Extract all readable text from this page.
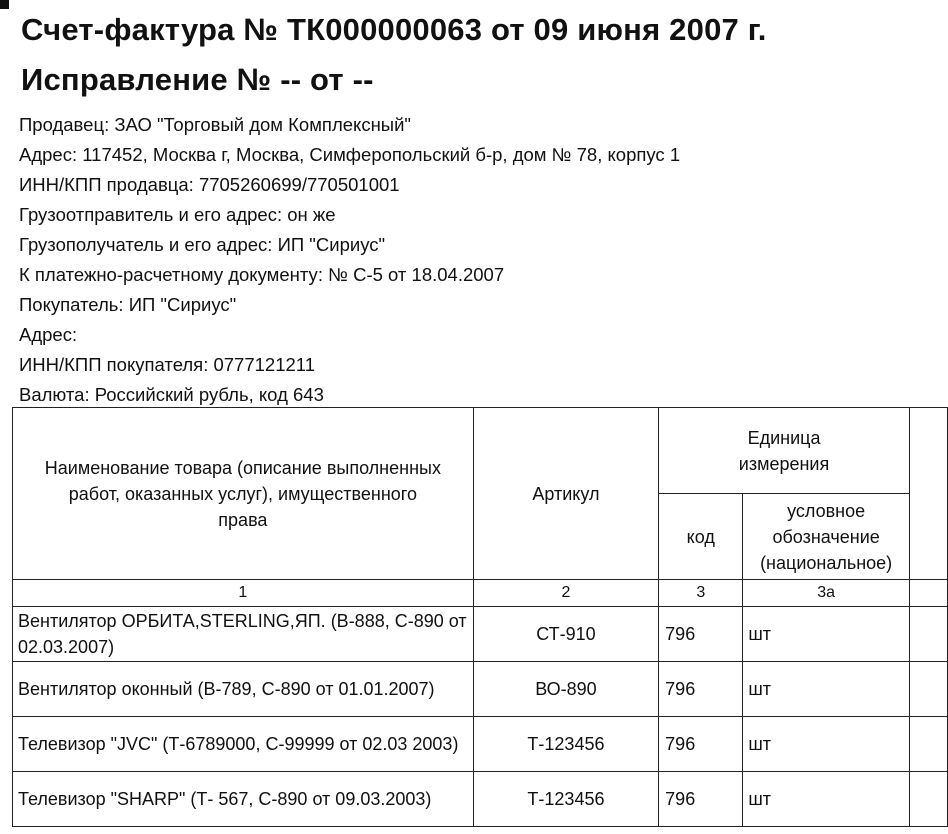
Счет-фактура № ТК000000063 от 09 июня 2007 г.
Исправление № -- от --
Продавец : ЗАО "Торговый дом Комплексный"
Адрес : 117452, Москва г, Москва, Симферопольский б-р, дом № 78, корпус 1
ИНН/КПП продавца : 7705260699/770501001
Грузоотправитель и его адрес : он же
Грузополучатель и его адрес : ИП "Сириус"
К платежно-расчетному документу : № С-5 от 18.04.2007
Покупатель : ИП "Сириус"
Адрес :
ИНН/КПП покупателя : 0777121211
Валюта : Российский рубль, код 643
Наименование товара (описание выполненных работ, оказанных услуг), имущественного права	Артикул	Единица измерения		
		код	условное обозначение (национальное)	
1	2	3	3а	
Вентилятор ОРБИТА,STERLING,ЯП. (В-888, С-890 от 02.03.2007)	СТ-910	796	шт	
Вентилятор оконный (В-789, С-890 от 01.01.2007)	ВО-890	796	шт	
Телевизор "JVC" (Т-6789000, С-99999 от 02.03 2003)	Т-123456	796	шт	
Телевизор "SHARP" (Т- 567, С-890 от 09.03.2003)	Т-123456	796	шт	
